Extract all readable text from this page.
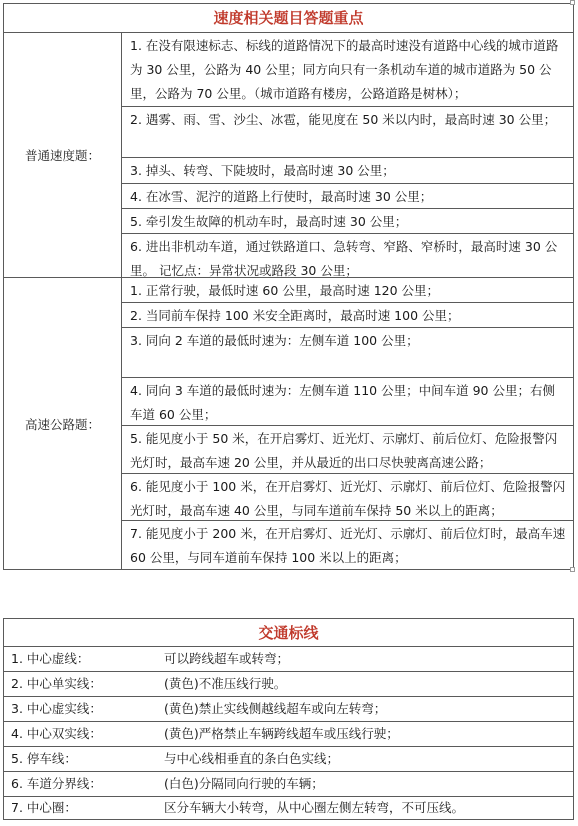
速度相关题目答题重点
普通速度题：
1. 在没有限速标志、标线的道路情况下的最高时速没有道路中心线的城市道路为 30 公里，公路为 40 公里；同方向只有一条机动车道的城市道路为 50 公里，公路为 70 公里。（城市道路有楼房，公路道路是树林）；
2. 遇雾、雨、雪、沙尘、冰雹，能见度在 50 米以内时，最高时速 30 公里；
3. 掉头、转弯、下陡坡时，最高时速 30 公里；
4. 在冰雪、泥泞的道路上行使时，最高时速 30 公里；
5. 牵引发生故障的机动车时，最高时速 30 公里；
6. 进出非机动车道，通过铁路道口、急转弯、窄路、窄桥时，最高时速 30 公里。 记忆点：异常状况或路段 30 公里；
高速公路题：
1. 正常行驶，最低时速 60 公里，最高时速 120 公里；
2. 当同前车保持 100 米安全距离时，最高时速 100 公里；
3. 同向 2 车道的最低时速为：左侧车道 100 公里；
4. 同向 3 车道的最低时速为：左侧车道 110 公里；中间车道 90 公里；右侧车道 60 公里；
5. 能见度小于 50 米，在开启雾灯、近光灯、示廓灯、前后位灯、危险报警闪光灯时，最高车速 20 公里，并从最近的出口尽快驶离高速公路；
6. 能见度小于 100 米，在开启雾灯、近光灯、示廓灯、前后位灯、危险报警闪光灯时，最高车速 40 公里，与同车道前车保持 50 米以上的距离；
7. 能见度小于 200 米，在开启雾灯、近光灯、示廓灯、前后位灯时，最高车速 60 公里，与同车道前车保持 100 米以上的距离；
交通标线
1. 中心虚线：	可以跨线超车或转弯；
2. 中心单实线：	(黄色)不准压线行驶。
3. 中心虚实线：	(黄色)禁止实线侧越线超车或向左转弯；
4. 中心双实线：	(黄色)严格禁止车辆跨线超车或压线行驶；
5. 停车线：	与中心线相垂直的条白色实线；
6. 车道分界线：	(白色)分隔同向行驶的车辆；
7. 中心圈：	区分车辆大小转弯，从中心圈左侧左转弯，不可压线。
